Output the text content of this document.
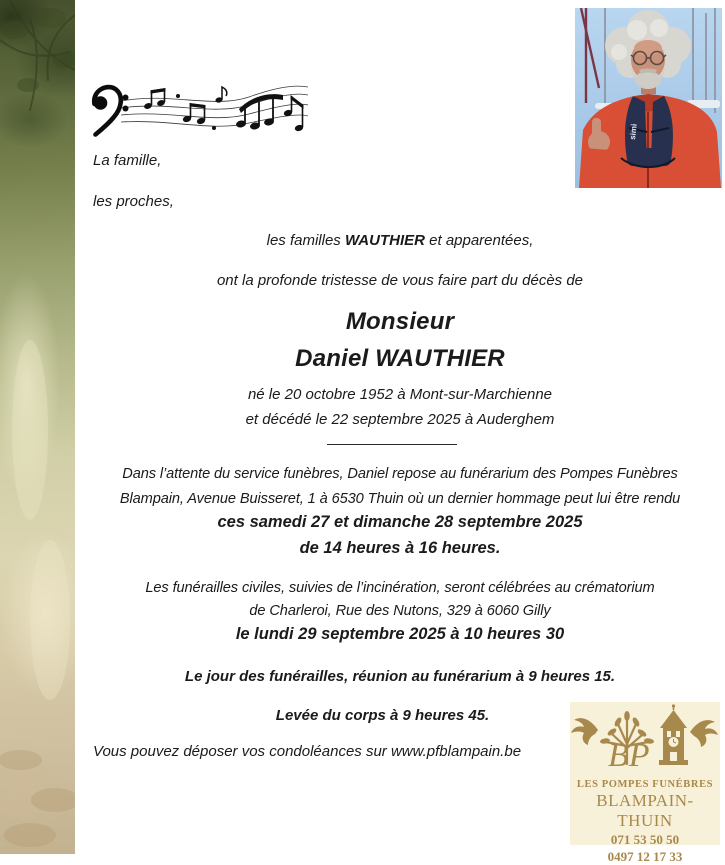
simi
La famille,
les proches,
les familles WAUTHIER et apparentées,
ont la profonde tristesse de vous faire part du décès de
Monsieur
Daniel WAUTHIER
né le 20 octobre 1952 à Mont-sur-Marchienne
et décédé le 22 septembre 2025 à Auderghem
Dans l’attente du service funèbres, Daniel repose au funérarium des Pompes Funèbres
Blampain, Avenue Buisseret, 1 à 6530 Thuin où un dernier hommage peut lui être rendu
ces samedi 27 et dimanche 28 septembre 2025
de 14 heures à 16 heures.
Les funérailles civiles, suivies de l’incinération, seront célébrées au crématorium
de Charleroi, Rue des Nutons, 329 à 6060 Gilly
le lundi 29 septembre 2025 à 10 heures 30
Le jour des funérailles, réunion au funérarium à 9 heures 15.
Levée du corps à 9 heures 45.
Vous pouvez déposer vos condoléances sur www.pfblampain.be	BP
LES POMPES FUNÉBRES
BLAMPAIN-THUIN
071 53 50 50
0497 12 17 33
